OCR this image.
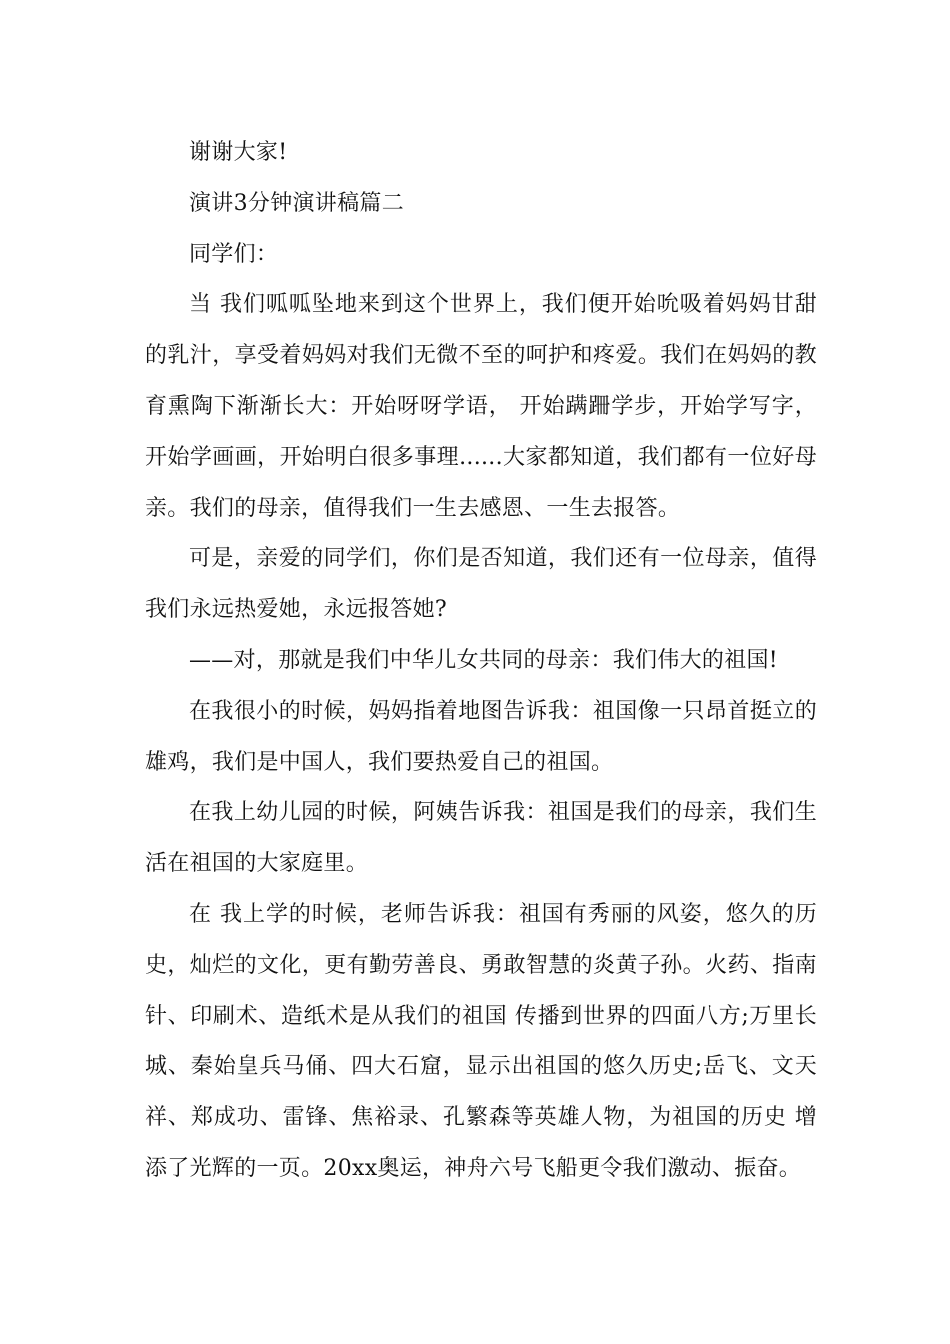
谢谢大家!

演讲3分钟演讲稿篇二

同学们：

当 我们呱呱坠地来到这个世界上，我们便开始吮吸着妈妈甘甜的乳汁，享受着妈妈对我们无微不至的呵护和疼爱。我们在妈妈的教育熏陶下渐渐长大：开始呀呀学语， 开始蹒跚学步，开始学写字，开始学画画，开始明白很多事理......大家都知道，我们都有一位好母亲。我们的母亲，值得我们一生去感恩、一生去报答。

可是，亲爱的同学们，你们是否知道，我们还有一位母亲，值得我们永远热爱她，永远报答她?

——对，那就是我们中华儿女共同的母亲：我们伟大的祖国!

在我很小的时候，妈妈指着地图告诉我：祖国像一只昂首挺立的雄鸡，我们是中国人，我们要热爱自己的祖国。

在我上幼儿园的时候，阿姨告诉我：祖国是我们的母亲，我们生活在祖国的大家庭里。

在 我上学的时候，老师告诉我：祖国有秀丽的风姿，悠久的历史，灿烂的文化，更有勤劳善良、勇敢智慧的炎黄子孙。火药、指南针、印刷术、造纸术是从我们的祖国 传播到世界的四面八方;万里长城、秦始皇兵马俑、四大石窟，显示出祖国的悠久历史;岳飞、文天祥、郑成功、雷锋、焦裕录、孔繁森等英雄人物，为祖国的历史 增添了光辉的一页。20xx奥运，神舟六号飞船更令我们激动、振奋。
